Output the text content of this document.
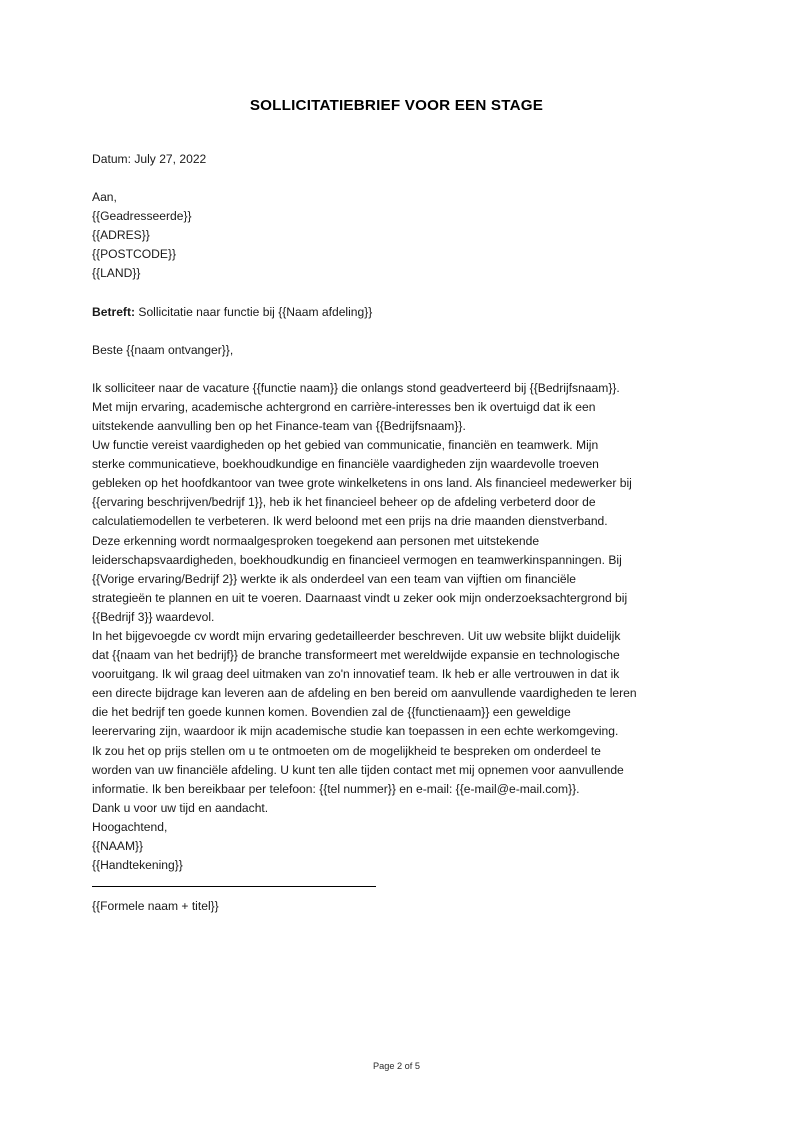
SOLLICITATIEBRIEF VOOR EEN STAGE
Datum: July 27, 2022
Aan,
{{Geadresseerde}}
{{ADRES}}
{{POSTCODE}}
{{LAND}}
Betreft: Sollicitatie naar functie bij {{Naam afdeling}}
Beste {{naam ontvanger}},
Ik solliciteer naar de vacature {{functie naam}} die onlangs stond geadverteerd bij {{Bedrijfsnaam}}.
Met mijn ervaring, academische achtergrond en carrière-interesses ben ik overtuigd dat ik een
uitstekende aanvulling ben op het Finance-team van {{Bedrijfsnaam}}.
Uw functie vereist vaardigheden op het gebied van communicatie, financiën en teamwerk. Mijn
sterke communicatieve, boekhoudkundige en financiële vaardigheden zijn waardevolle troeven
gebleken op het hoofdkantoor van twee grote winkelketens in ons land. Als financieel medewerker bij
{{ervaring beschrijven/bedrijf 1}}, heb ik het financieel beheer op de afdeling verbeterd door de
calculatiemodellen te verbeteren. Ik werd beloond met een prijs na drie maanden dienstverband.
Deze erkenning wordt normaalgesproken toegekend aan personen met uitstekende
leiderschapsvaardigheden, boekhoudkundig en financieel vermogen en teamwerkinspanningen. Bij
{{Vorige ervaring/Bedrijf 2}} werkte ik als onderdeel van een team van vijftien om financiële
strategieën te plannen en uit te voeren. Daarnaast vindt u zeker ook mijn onderzoeksachtergrond bij
{{Bedrijf 3}} waardevol.
In het bijgevoegde cv wordt mijn ervaring gedetailleerder beschreven. Uit uw website blijkt duidelijk
dat {{naam van het bedrijf}} de branche transformeert met wereldwijde expansie en technologische
vooruitgang. Ik wil graag deel uitmaken van zo'n innovatief team. Ik heb er alle vertrouwen in dat ik
een directe bijdrage kan leveren aan de afdeling en ben bereid om aanvullende vaardigheden te leren
die het bedrijf ten goede kunnen komen. Bovendien zal de {{functienaam}} een geweldige
leerervaring zijn, waardoor ik mijn academische studie kan toepassen in een echte werkomgeving.
Ik zou het op prijs stellen om u te ontmoeten om de mogelijkheid te bespreken om onderdeel te
worden van uw financiële afdeling. U kunt ten alle tijden contact met mij opnemen voor aanvullende
informatie. Ik ben bereikbaar per telefoon: {{tel nummer}} en e-mail: {{e-mail@e-mail.com}}.
Dank u voor uw tijd en aandacht.
Hoogachtend,
{{NAAM}}
{{Handtekening}}
{{Formele naam + titel}}
Page 2 of 5
